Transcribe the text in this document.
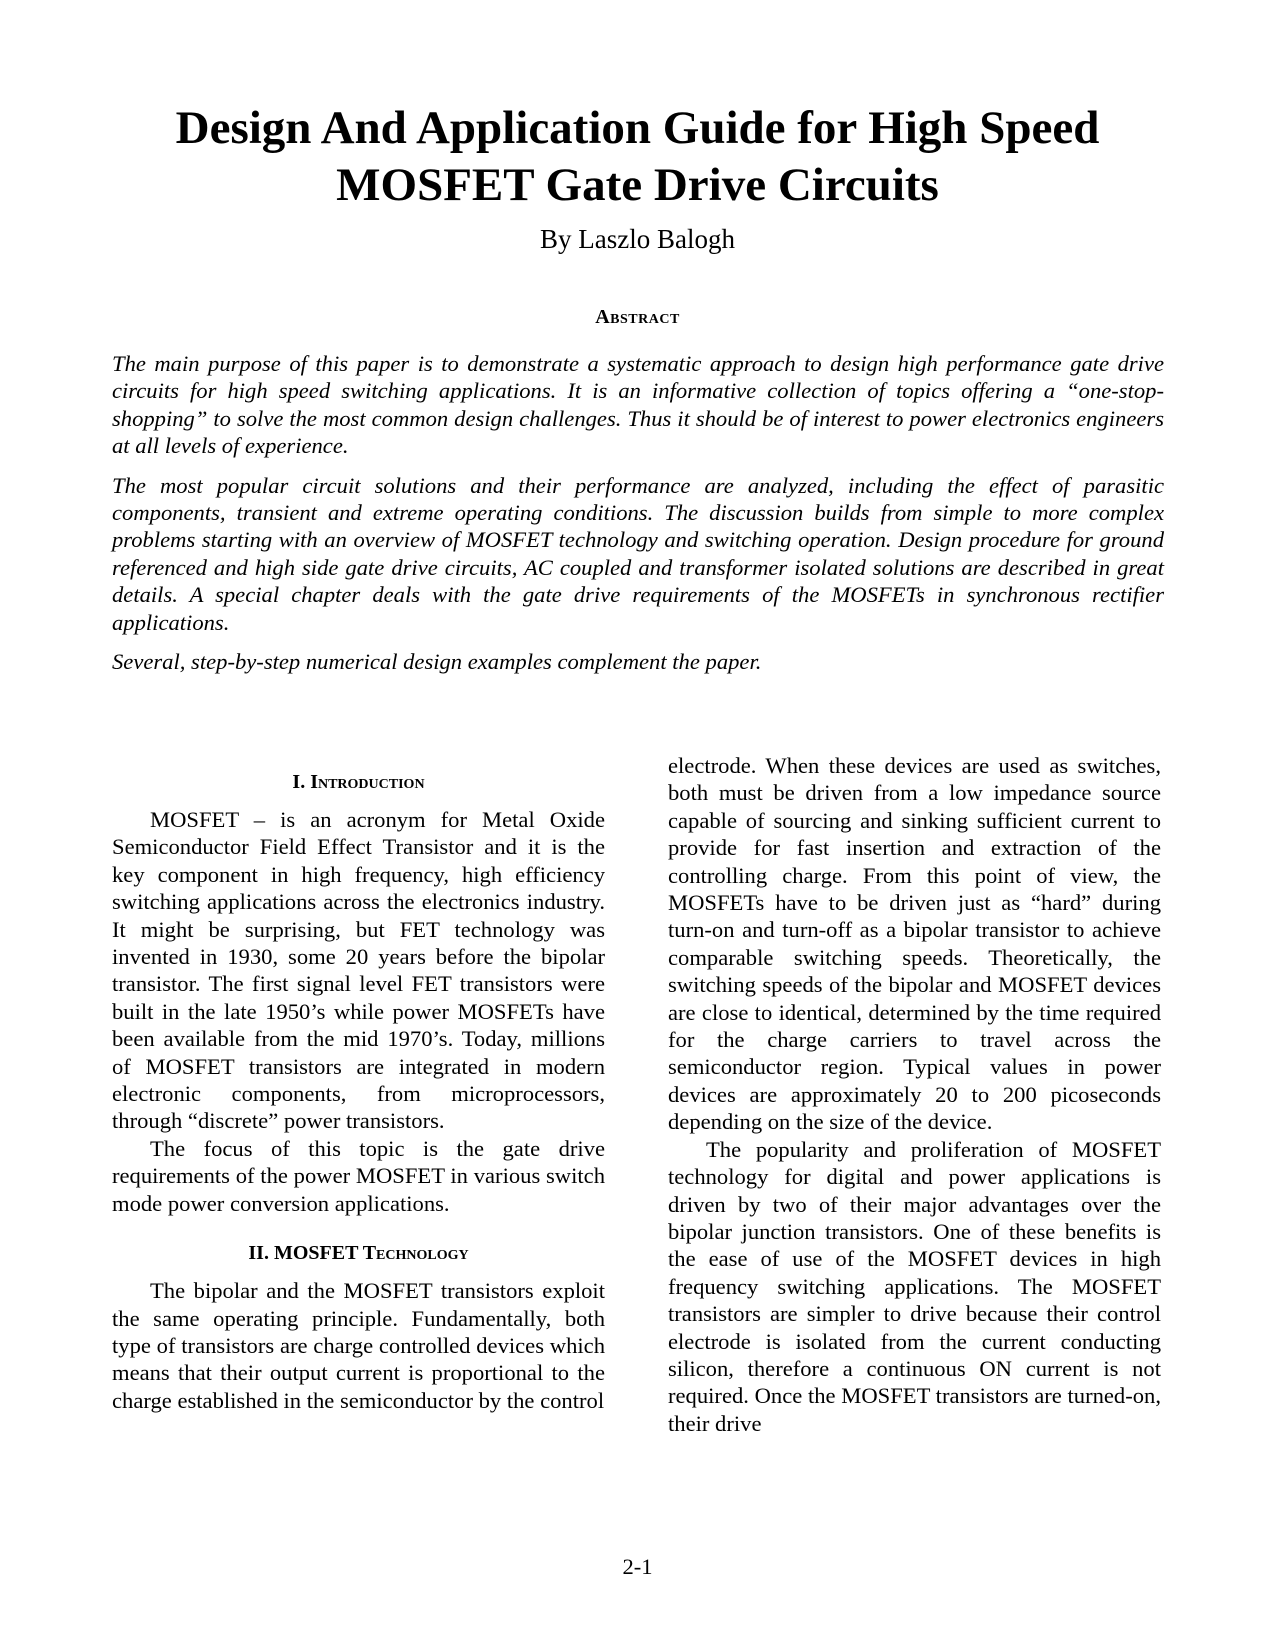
Design And Application Guide for High Speed MOSFET Gate Drive Circuits
By Laszlo Balogh
Abstract

The main purpose of this paper is to demonstrate a systematic approach to design high performance gate drive circuits for high speed switching applications. It is an informative collection of topics offering a “one-stop-shopping” to solve the most common design challenges. Thus it should be of interest to power electronics engineers at all levels of experience.

The most popular circuit solutions and their performance are analyzed, including the effect of parasitic components, transient and extreme operating conditions. The discussion builds from simple to more complex problems starting with an overview of MOSFET technology and switching operation. Design procedure for ground referenced and high side gate drive circuits, AC coupled and transformer isolated solutions are described in great details. A special chapter deals with the gate drive requirements of the MOSFETs in synchronous rectifier applications.

Several, step-by-step numerical design examples complement the paper.

I. Introduction

MOSFET – is an acronym for Metal Oxide Semiconductor Field Effect Transistor and it is the key component in high frequency, high efficiency switching applications across the electronics industry. It might be surprising, but FET technology was invented in 1930, some 20 years before the bipolar transistor. The first signal level FET transistors were built in the late 1950’s while power MOSFETs have been available from the mid 1970’s. Today, millions of MOSFET transistors are integrated in modern electronic components, from microprocessors, through “discrete” power transistors.

The focus of this topic is the gate drive requirements of the power MOSFET in various switch mode power conversion applications.

II. MOSFET Technology

The bipolar and the MOSFET transistors exploit the same operating principle. Fundamentally, both type of transistors are charge controlled devices which means that their output current is proportional to the charge established in the semiconductor by the control

electrode. When these devices are used as switches, both must be driven from a low impedance source capable of sourcing and sinking sufficient current to provide for fast insertion and extraction of the controlling charge. From this point of view, the MOSFETs have to be driven just as “hard” during turn-on and turn-off as a bipolar transistor to achieve comparable switching speeds. Theoretically, the switching speeds of the bipolar and MOSFET devices are close to identical, determined by the time required for the charge carriers to travel across the semiconductor region. Typical values in power devices are approximately 20 to 200 picoseconds depending on the size of the device.

The popularity and proliferation of MOSFET technology for digital and power applications is driven by two of their major advantages over the bipolar junction transistors. One of these benefits is the ease of use of the MOSFET devices in high frequency switching applications. The MOSFET transistors are simpler to drive because their control electrode is isolated from the current conducting silicon, therefore a continuous ON current is not required. Once the MOSFET transistors are turned-on, their drive

2-1
